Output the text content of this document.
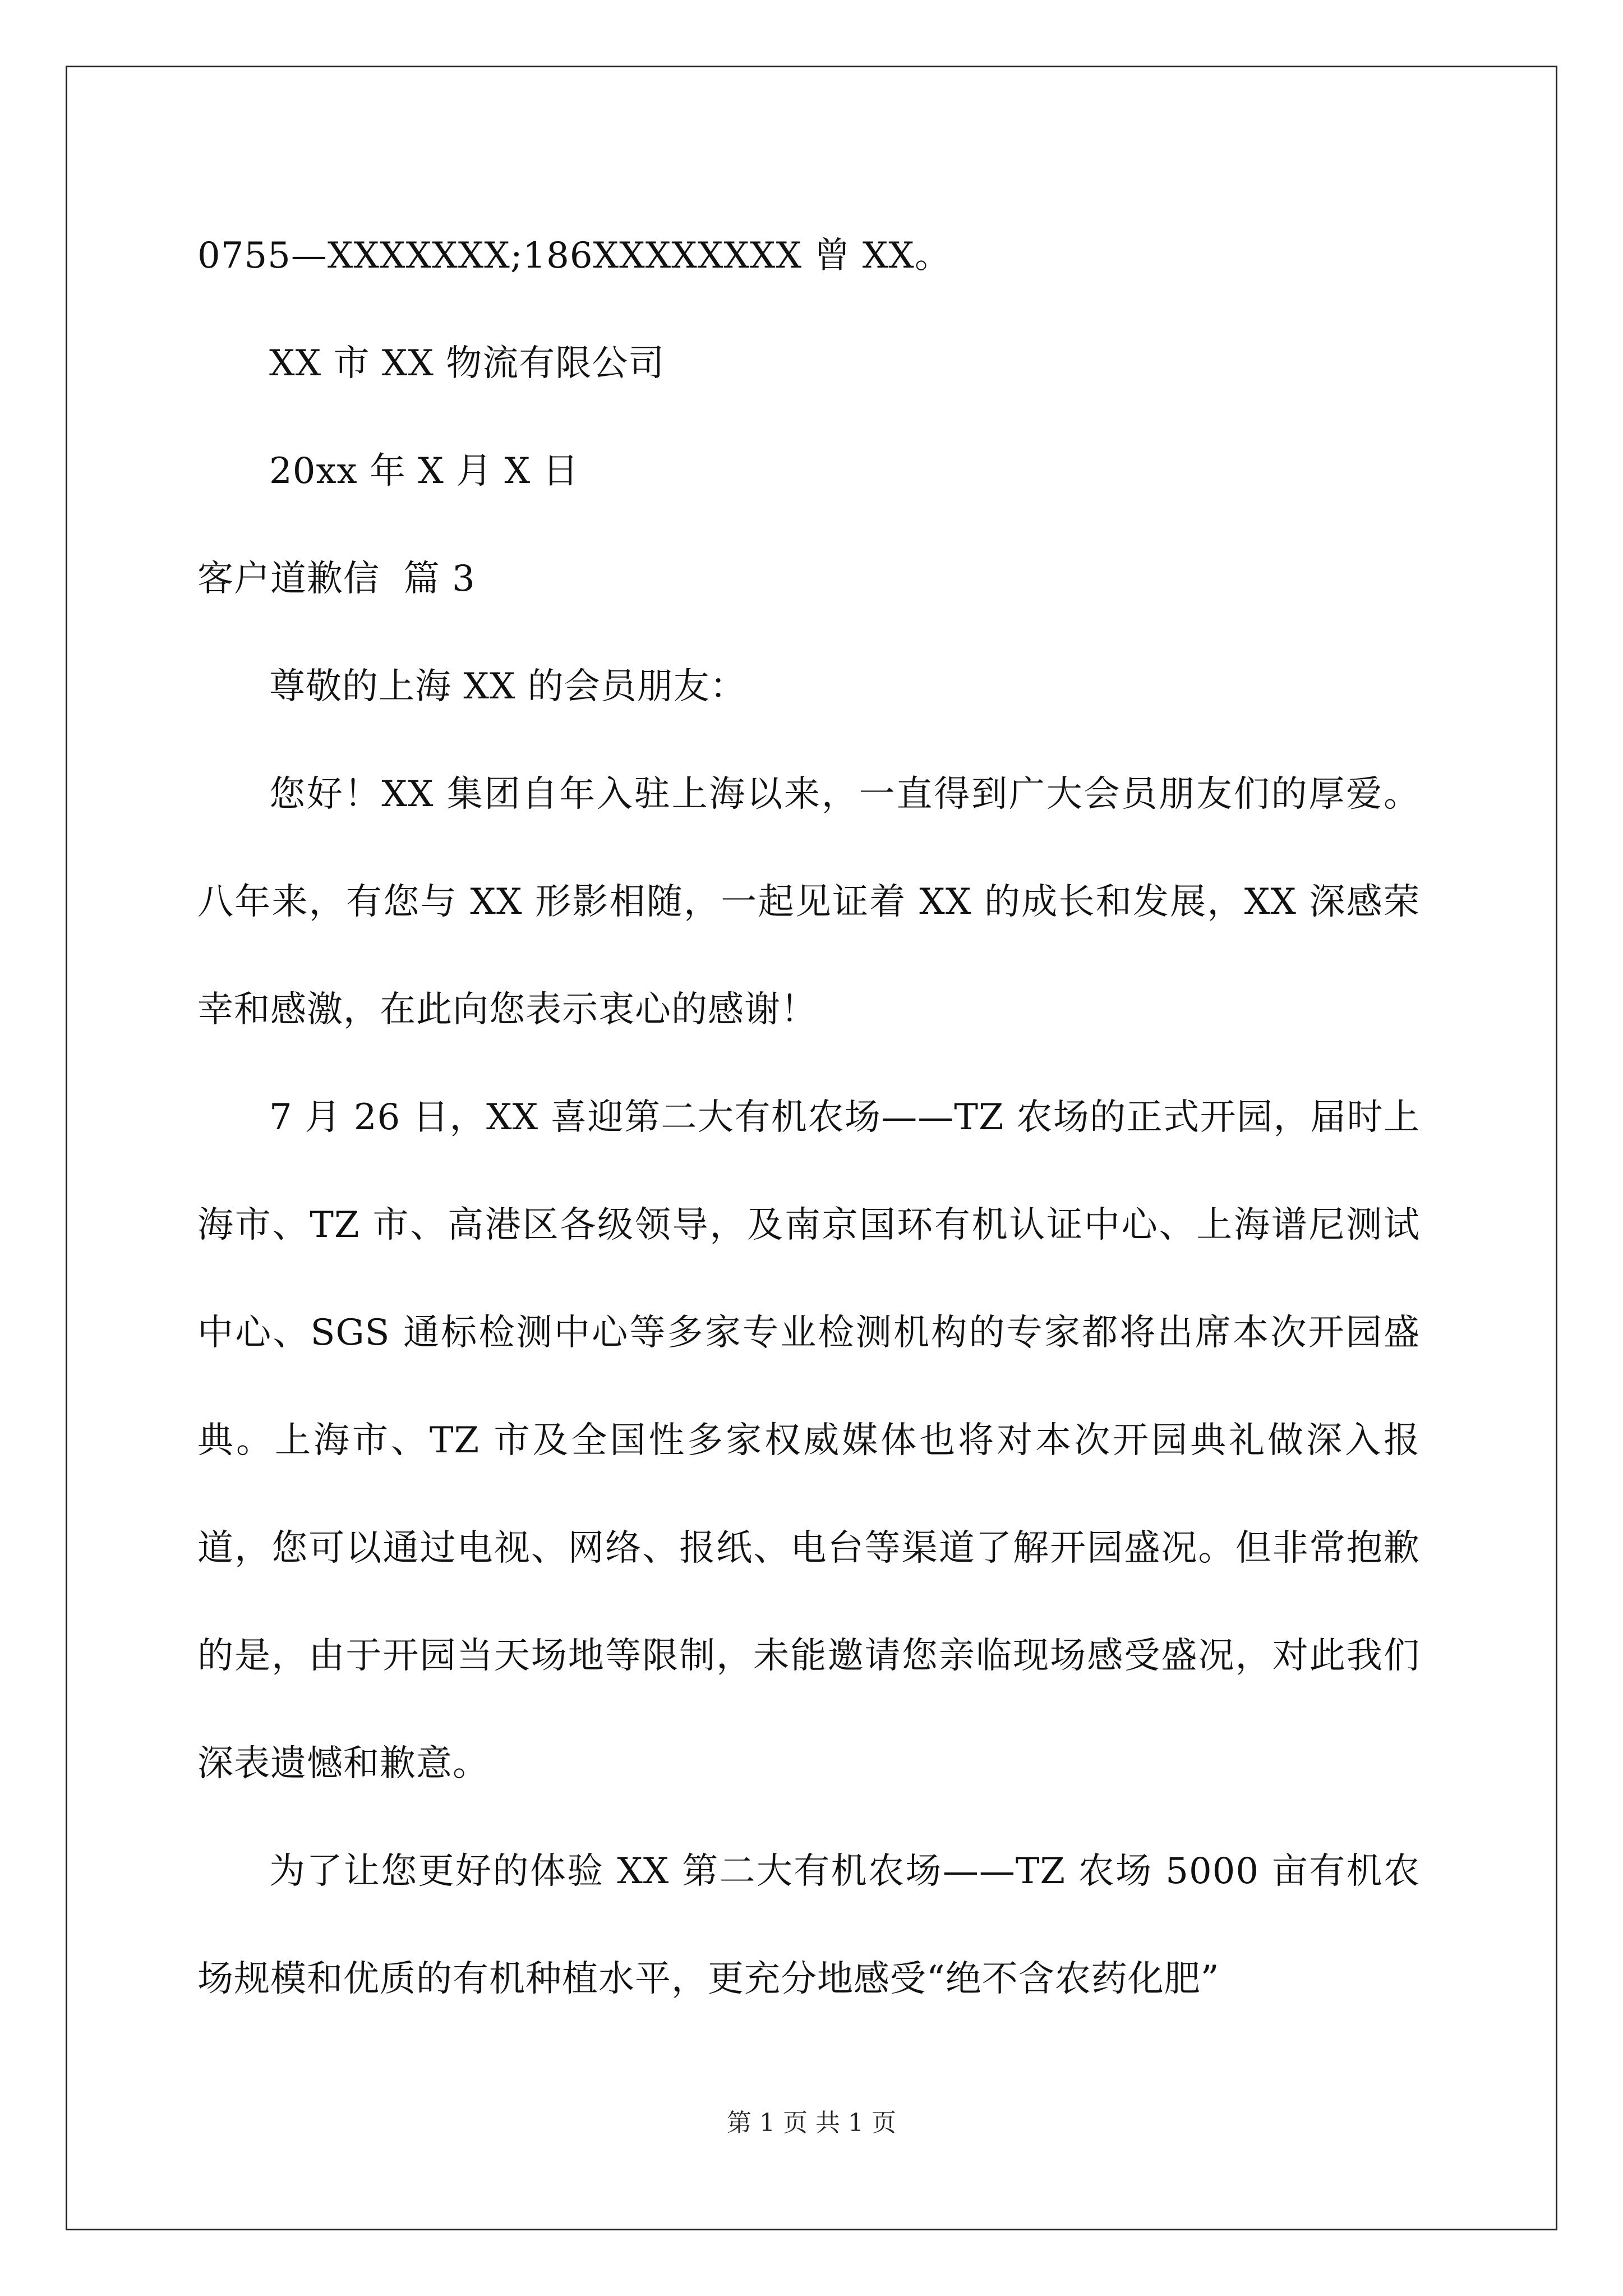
0755—XXXXXXX;186XXXXXXXX 曾 XX。

XX 市 XX 物流有限公司

20xx 年 X 月 X 日

客户道歉信  篇 3

尊敬的上海 XX 的会员朋友：

您好！XX 集团自年入驻上海以来，一直得到广大会员朋友们的厚爱。八年来，有您与 XX 形影相随，一起见证着 XX 的成长和发展，XX 深感荣幸和感激，在此向您表示衷心的感谢！

7 月 26 日，XX 喜迎第二大有机农场——TZ 农场的正式开园，届时上海市、TZ 市、高港区各级领导，及南京国环有机认证中心、上海谱尼测试中心、SGS 通标检测中心等多家专业检测机构的专家都将出席本次开园盛典。上海市、TZ 市及全国性多家权威媒体也将对本次开园典礼做深入报道，您可以通过电视、网络、报纸、电台等渠道了解开园盛况。但非常抱歉的是，由于开园当天场地等限制，未能邀请您亲临现场感受盛况，对此我们深表遗憾和歉意。

为了让您更好的体验 XX 第二大有机农场——TZ 农场 5000 亩有机农场规模和优质的有机种植水平，更充分地感受“绝不含农药化肥”

第 1 页 共 1 页
